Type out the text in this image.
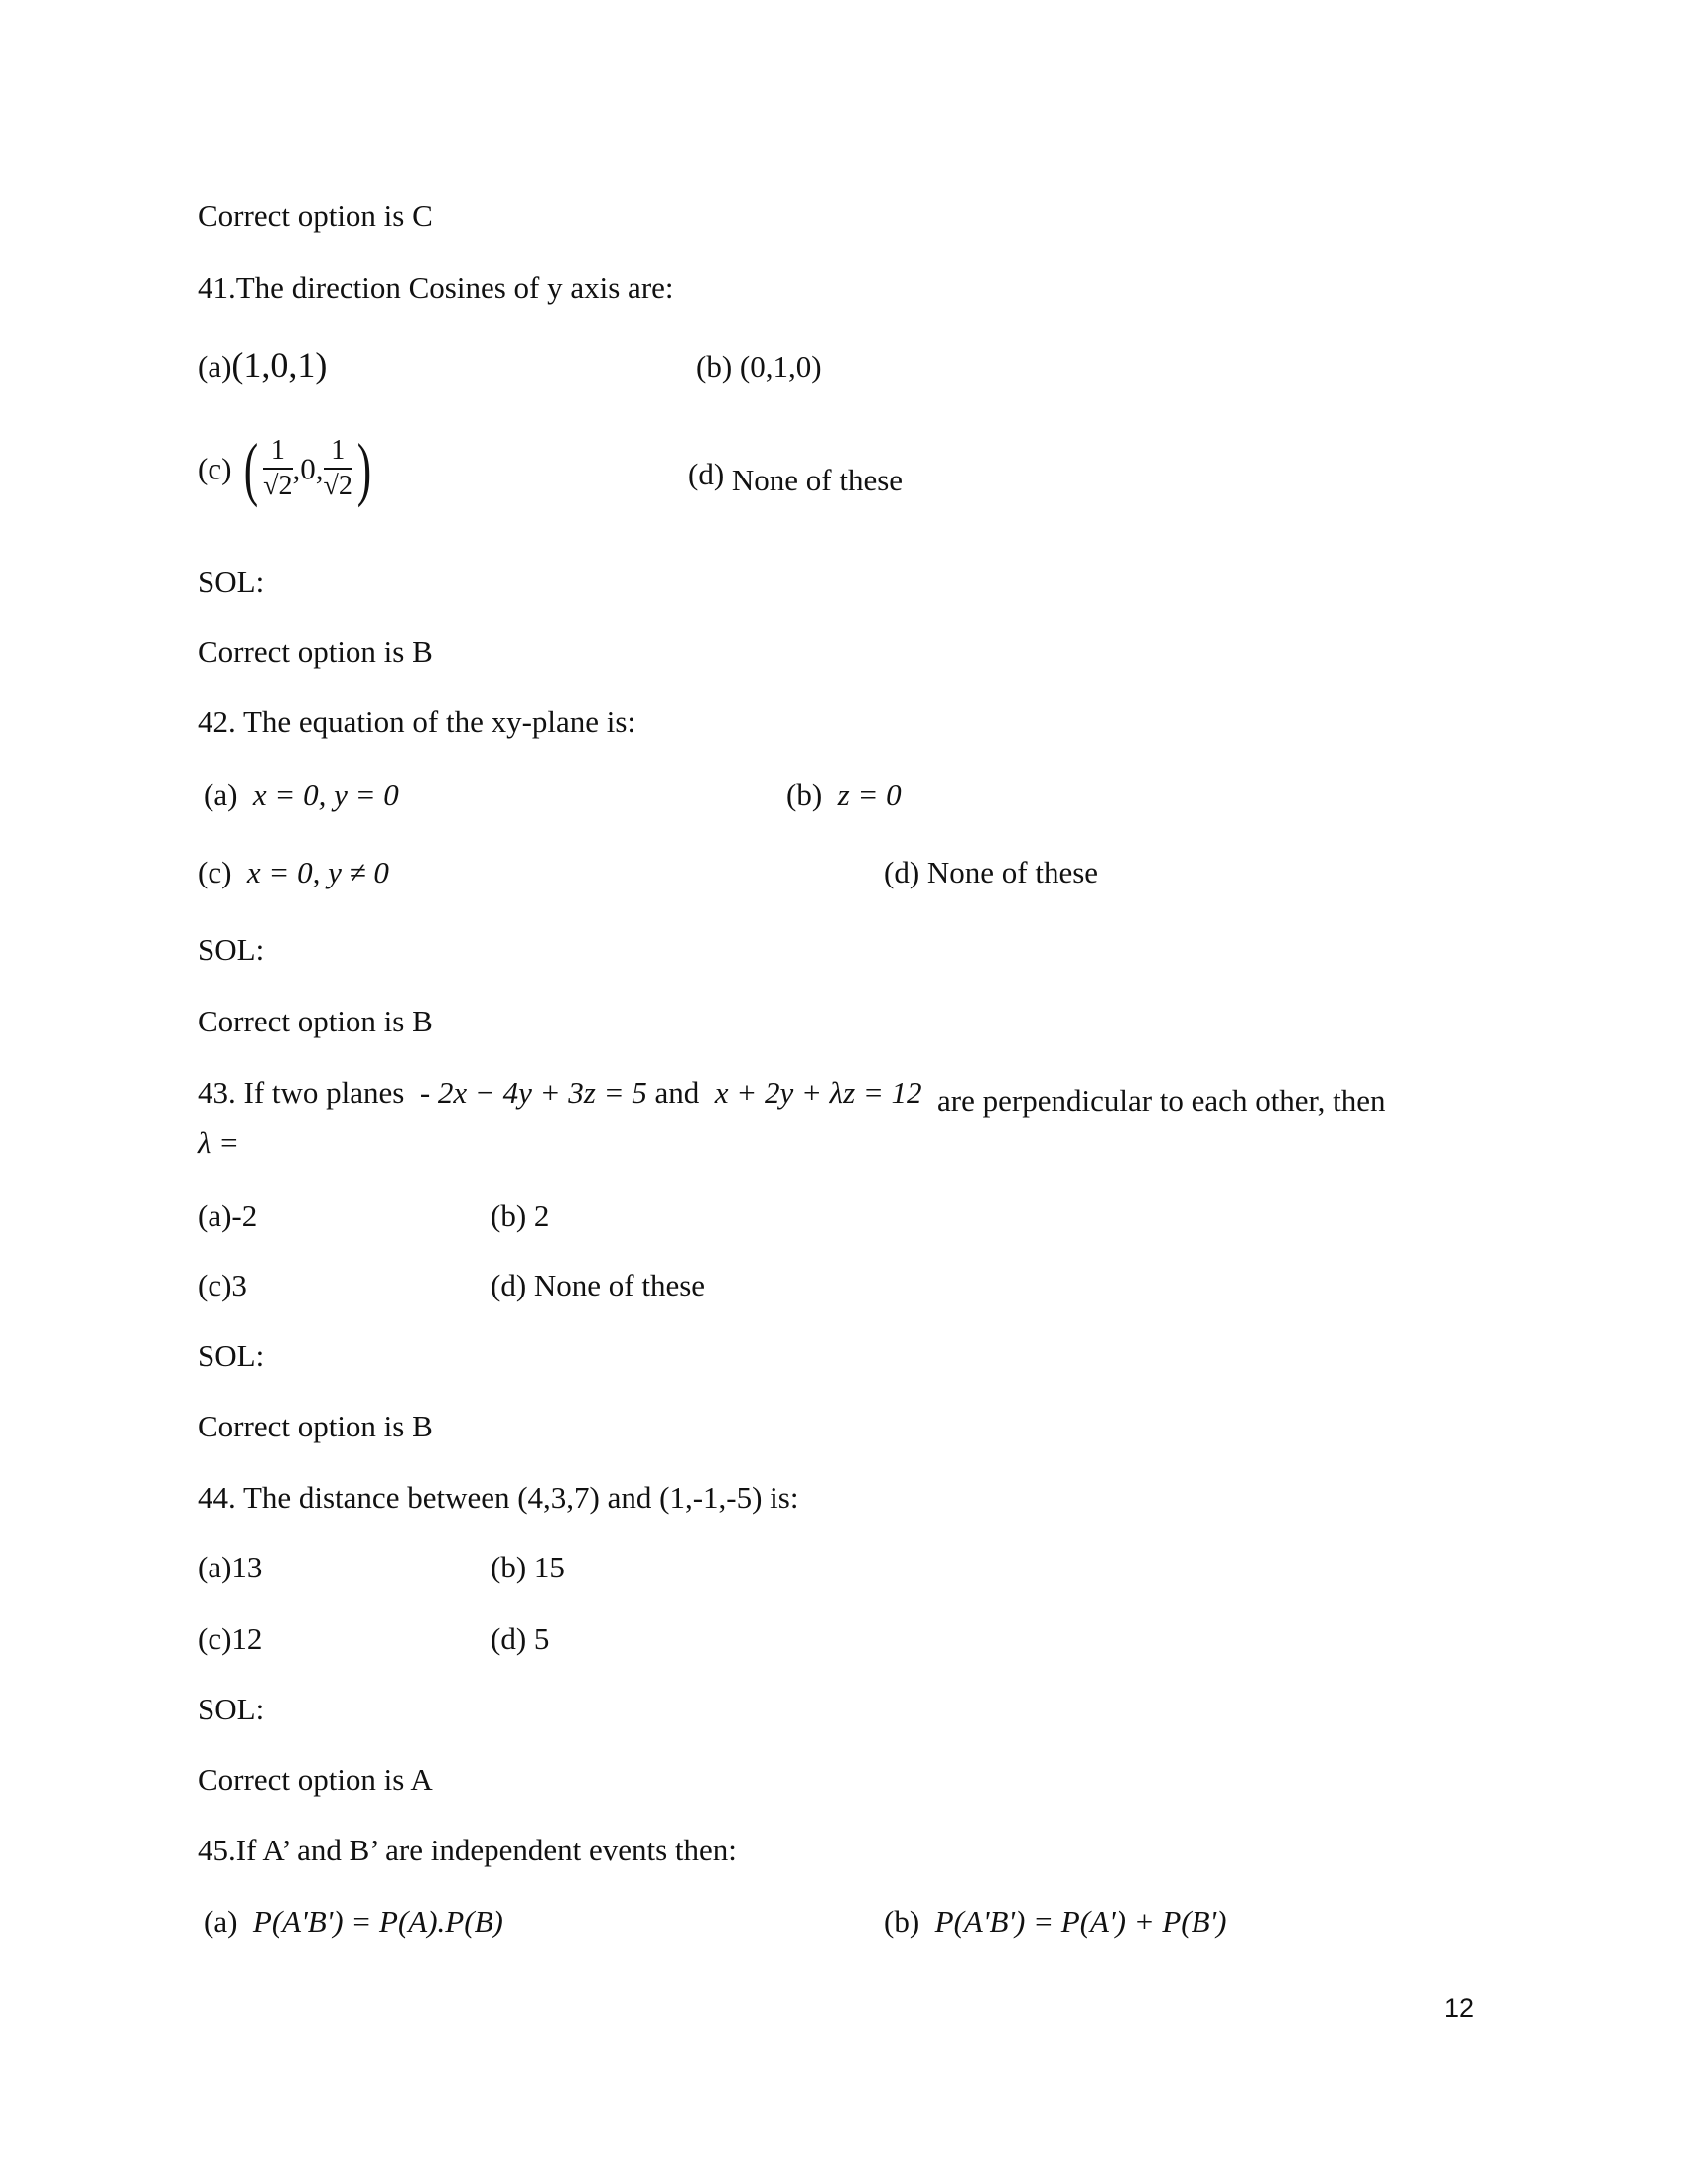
Correct option is C
41.The direction Cosines of y axis are:
(a)(1,0,1)	(b) (0,1,0)
(c) ( $\frac{1}{√2} ,0$, $\frac{1}{√2}$ )	(d) None of these
SOL:
Correct option is B
42. The equation of the xy-plane is:
(a) x = 0, y = 0	(b) z = 0
(c) x = 0, y ≠ 0	(d) None of these
SOL:
Correct option is B
43. If two planes - 2x − 4y + 3z = 5 and x + 2y + λz = 12 are perpendicular to each other, then
λ =
(a)-2	(b) 2
(c)3	(d) None of these
SOL:
Correct option is B
44. The distance between (4,3,7) and (1,-1,-5) is:
(a)13	(b) 15
(c)12	(d) 5
SOL:
Correct option is A
45.If A’ and B’ are independent events then:
(a) P(A'B') = P(A).P(B)	(b) P(A'B') = P(A') + P(B')
12
